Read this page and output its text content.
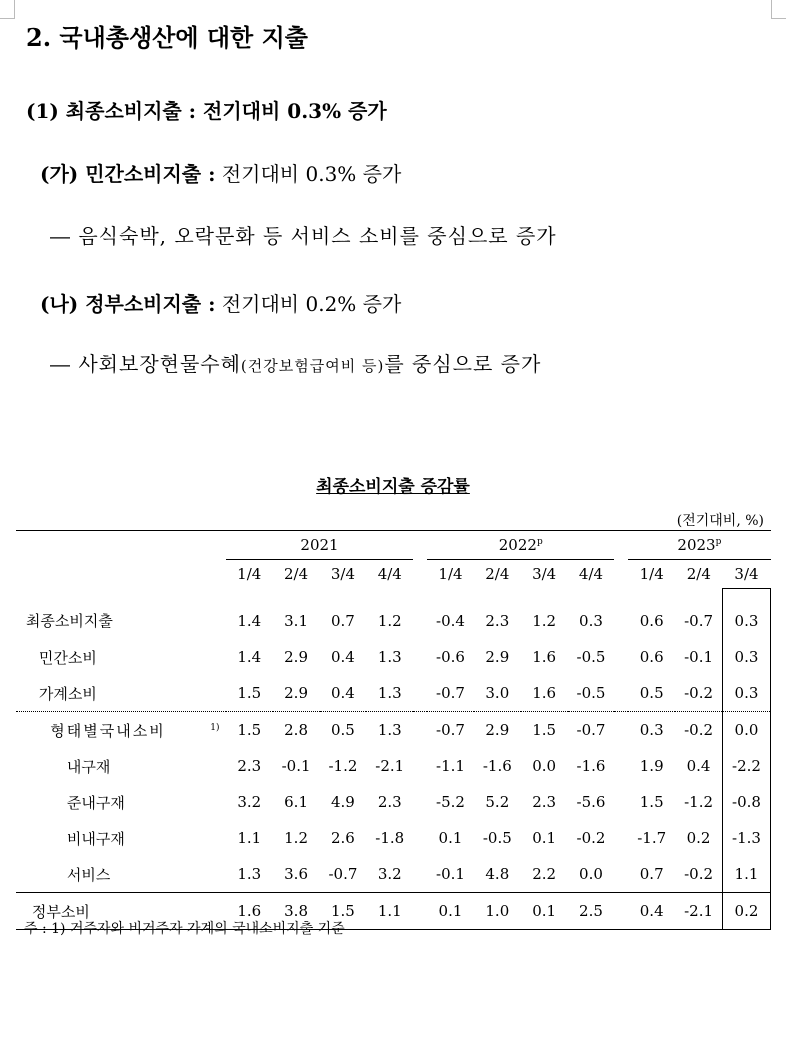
2. 국내총생산에 대한 지출
(1) 최종소비지출 : 전기대비 0.3% 증가
(가) 민간소비지출 : 전기대비 0.3% 증가
― 음식숙박, 오락문화 등 서비스 소비를 중심으로 증가
(나) 정부소비지출 : 전기대비 0.2% 증가
― 사회보장현물수혜(건강보험급여비 등)를 중심으로 증가
최종소비지출 증감률
(전기대비, %)
	2021					2022$^p$					2023$^p$
	1/4	2/4	3/4	4/4		1/4	2/4	3/4	4/4		1/4	2/4	3/4
최종소비지출	1.4	3.1	0.7	1.2		-0.4	2.3	1.2	0.3		0.6	-0.7	0.3
민간소비	1.4	2.9	0.4	1.3		-0.6	2.9	1.6	-0.5		0.6	-0.1	0.3
가계소비	1.5	2.9	0.4	1.3		-0.7	3.0	1.6	-0.5		0.5	-0.2	0.3
형태별국내소비 $^{1)}$	1.5	2.8	0.5	1.3		-0.7	2.9	1.5	-0.7		0.3	-0.2	0.0
내구재	2.3	-0.1	-1.2	-2.1		-1.1	-1.6	0.0	-1.6		1.9	0.4	-2.2
준내구재	3.2	6.1	4.9	2.3		-5.2	5.2	2.3	-5.6		1.5	-1.2	-0.8
비내구재	1.1	1.2	2.6	-1.8		0.1	-0.5	0.1	-0.2		-1.7	0.2	-1.3
서비스	1.3	3.6	-0.7	3.2		-0.1	4.8	2.2	0.0		0.7	-0.2	1.1
정부소비	1.6	3.8	1.5	1.1		0.1	1.0	0.1	2.5		0.4	-2.1	0.2
주 : 1) 거주자와 비거주자 가계의 국내소비지출 기준
